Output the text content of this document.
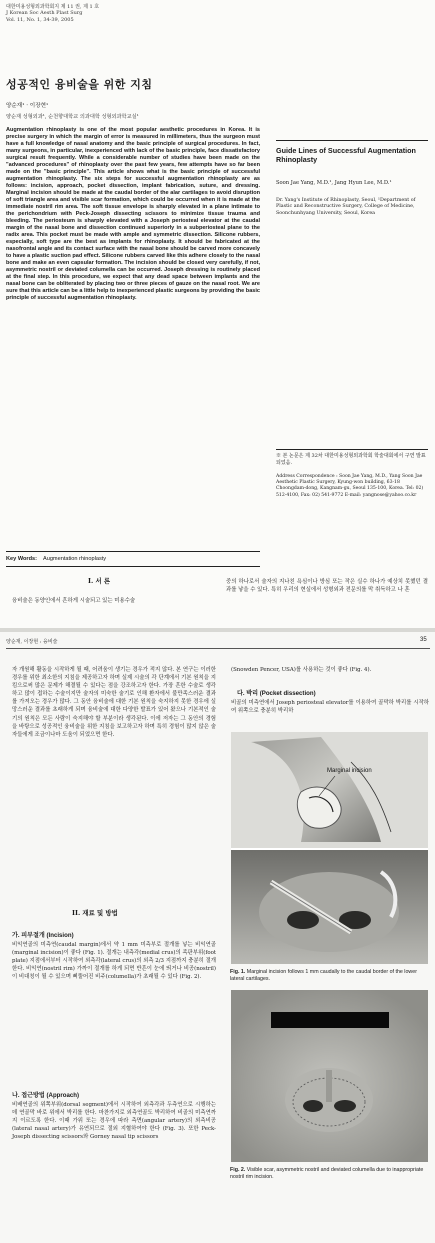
대한미용성형외과학회지 제 11 권, 제 1 호
J Korean Soc Aesth Plast Surg
Vol. 11, No. 1, 34-39, 2005
성공적인 융비술을 위한 지침
양순재¹ · 이장현¹
양순재 성형외과¹, 순천향대학교 의과대학 성형외과학교실¹

Augmentation rhinoplasty is one of the most popular aesthetic procedures in Korea. It is precise surgery in which the margin of error is measured in millimeters, thus the surgeon must have a full knowledge of nasal anatomy and the basic principle of surgical procedures. In fact, many surgeons, in particular, inexperienced with lack of the basic principle, face dissatisfactory surgical result frequently. While a considerable number of studies have been made on the "advanced procedures" of rhinoplasty over the past few years, few attempts have so far been made on the "basic principle". This article shows what is the basic principle of successful augmentation rhinoplasty. The six steps for successful augmentation rhinoplasty are as follows: incision, approach, pocket dissection, implant fabrication, suture, and dressing. Marginal incision should be made at the caudal border of the alar cartilages to avoid disruption of soft triangle area and visible scar formation, which could be occurred when it is made at the immediate nostril rim area. The soft tissue envelope is sharply elevated in a plane intimate to the perichondrium with Peck-Joseph dissecting scissors to minimize tissue trauma and bleeding. The periosteum is sharply elevated with a Joseph periosteal elevator at the caudal margin of the nasal bone and dissection continued superiorly in a subperiosteal plane to the radix area. This pocket must be made with ample and symmetric dissection. Silicone rubbers, especially, soft type are the best as implants for rhinoplasty. It should be fabricated at the nasofrontal angle and its contact surface with the nasal bone should be carved more concavely to have a plastic suction pad effect. Silicone rubbers carved like this adhere closely to the nasal bone and make an even capsular formation. The incision should be closed very carefully, if not, asymmetric nostril or deviated columella can be occurred. Joseph dressing is routinely placed at the final step. In this procedure, we expect that any dead space between implants and the nasal bone can be obliterated by placing two or three pieces of gauze on the nasal root. We are sure that this article can be a little help to inexperienced plastic surgeons by providing the basic principle of successful augmentation rhinoplasty.

Key Words: Augmentation rhinoplasty
Guide Lines of Successful Augmentation Rhinoplasty
Soon Jae Yang, M.D.¹, Jang Hyun Lee, M.D.¹
Dr. Yang's Institute of Rhinoplasty, Seoul, ¹Department of Plastic and Reconstructive Surgery, College of Medicine, Soonchunhyang University, Seoul, Korea
※ 본 논문은 제 32차 대한미용성형외과학회 학술대회에서 구연 발표되었음.
Address Correspondence : Soon Jae Yang, M.D., Yang Soon Jae Aesthetic Plastic Surgery, Kyung-won building, 63-18 Choongdam-dong, Kangnam-gu, Seoul 135-100, Korea. Tel: 02) 512-4100, Fax: 02) 541-9772 E-mail: yangnose@yahoo.co.kr
I. 서 론

융비술은 동양인에서 흔하게 시술되고 있는 미용수술

중의 하나로서 술자의 지나친 욕심이나 방심 또는 작은 실수 하나가 예상치 못했던 결과를 낳을 수 있다. 특히 우리의 현실에서 성형외과 전문의를 막 취득하고 나 혼

양순재, 이장현 : 융비술	35

자 개원해 활동을 시작하게 될 때, 어려움이 생기는 경우가 적지 않다. 본 연구는 이러한 경우를 위한 최소한의 지침을 제공하고자 하며 실제 시술의 각 단계에서 기본 원칙을 지킴으로써 많은 문제가 해결될 수 있다는 점을 강조하고자 한다. 가장 흔한 수술로 생각하고 많이 접하는 수술이지만 술자의 미숙한 술기로 인해 환자에서 불만족스러운 결과를 가져오는 경우가 많다. 그 동안 융비술에 대한 기본 원칙을 숙지하지 못한 경우에 실망스러운 결과를 초래하게 되며 융비술에 대한 다양한 발표가 있어 왔으나 기본적인 술기의 원칙은 모든 사람이 숙지해야 할 부분이라 생각된다. 이에 저자는 그 동안의 경험을 바탕으로 성공적인 융비술을 위한 지침을 보고하고자 하며 특히 경험이 많지 않은 술자들에게 조금이나마 도움이 되었으면 한다.

II. 재료 및 방법
가. 피부절개 (Incision)

비익연골의 미측연(caudal margin)에서 약 1 mm 미측부로 절개를 넣는 비익연골(marginal incision)이 좋다 (Fig. 1). 절개는 내측각(medial crus)의 족판부위(foot plate) 지점에서부터 시작하여 외측각(lateral crus)의 외측 2/3 지점까지 충분히 절개한다. 비익연(nostril rim) 가까이 절개를 하게 되면 반흔이 눈에 띄거나 비공(nostril)이 비대칭이 될 수 있으며 삐뚤어진 비주(columella)가 초래될 수 있다 (Fig. 2).

나. 접근방법 (Approach)

비배연골의 위쪽부위(dorsal segment)에서 시작하여 외측각과 두측연으로 시행하는데 연골막 바로 위에서 박리를 한다. 마찬가지로 외측연골도 박리하여 비골의 미측연까지 이르도록 한다. 이때 가위 또는 경우에 따라 측면(angular artery)의 외측비공(lateral nasal artery)가 유연되므로 절외 지혈하여야 한다 (Fig. 3). 또한 Peck-Joseph dissecting scissors와 Gorney nasal tip scissors

(Snowden Pencer, USA)를 사용하는 것이 좋다 (Fig. 4).

다. 박리 (Pocket dissection)

비골의 미측연에서 Joseph periosteal elevator를 이용하여 골막하 박리를 시작하여 위쪽으로 충분히 박리하

Marginal incision
Fig. 1. Marginal incision follows 1 mm caudally to the caudal border of the lower lateral cartilages.
Fig. 2. Visible scar, asymmetric nostril and deviated columella due to inappropriate nostril rim incision.
